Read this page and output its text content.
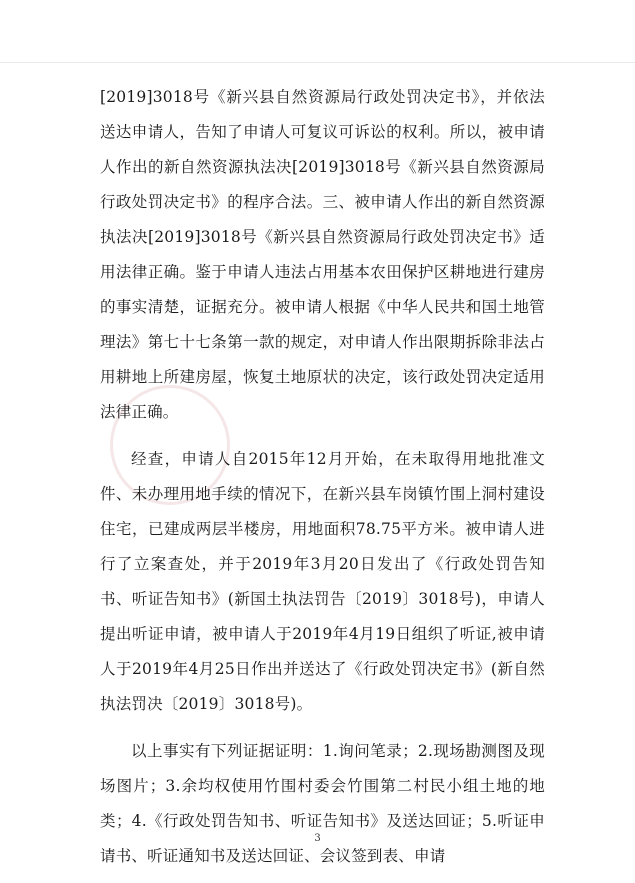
[2019]3018号《新兴县自然资源局行政处罚决定书》，并依法送达申请人，告知了申请人可复议可诉讼的权利。所以，被申请人作出的新自然资源执法决[2019]3018号《新兴县自然资源局行政处罚决定书》的程序合法。三、被申请人作出的新自然资源执法决[2019]3018号《新兴县自然资源局行政处罚决定书》适用法律正确。鉴于申请人违法占用基本农田保护区耕地进行建房的事实清楚，证据充分。被申请人根据《中华人民共和国土地管理法》第七十七条第一款的规定，对申请人作出限期拆除非法占用耕地上所建房屋，恢复土地原状的决定，该行政处罚决定适用法律正确。

经查，申请人自2015年12月开始，在未取得用地批准文件、未办理用地手续的情况下，在新兴县车岗镇竹围上洞村建设住宅，已建成两层半楼房，用地面积78.75平方米。被申请人进行了立案查处，并于2019年3月20日发出了《行政处罚告知书、听证告知书》(新国土执法罚告〔2019〕3018号)，申请人提出听证申请，被申请人于2019年4月19日组织了听证,被申请人于2019年4月25日作出并送达了《行政处罚决定书》(新自然执法罚决〔2019〕3018号)。

以上事实有下列证据证明：1.询问笔录；2.现场勘测图及现场图片；3.余均权使用竹围村委会竹围第二村民小组土地的地类；4.《行政处罚告知书、听证告知书》及送达回证；5.听证申请书、听证通知书及送达回证、会议签到表、申请

3
